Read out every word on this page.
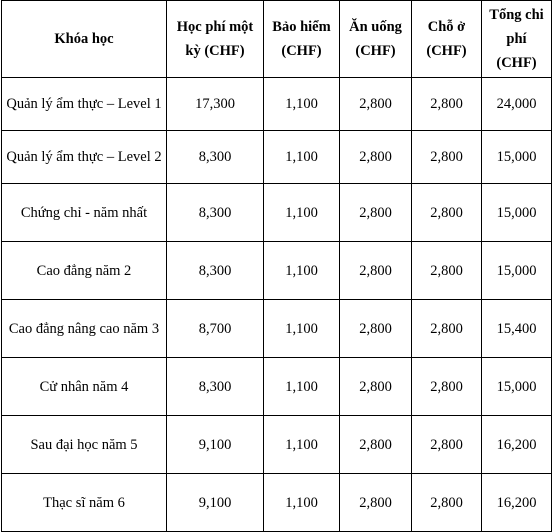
Khóa học	Học phí một kỳ (CHF)	Bảo hiểm (CHF)	Ăn uống (CHF)	Chỗ ở (CHF)	Tổng chi phí (CHF)
Quản lý ẩm thực – Level 1	17,300	1,100	2,800	2,800	24,000
Quản lý ẩm thực – Level 2	8,300	1,100	2,800	2,800	15,000
Chứng chỉ - năm nhất	8,300	1,100	2,800	2,800	15,000
Cao đẳng năm 2	8,300	1,100	2,800	2,800	15,000
Cao đẳng nâng cao năm 3	8,700	1,100	2,800	2,800	15,400
Cử nhân năm 4	8,300	1,100	2,800	2,800	15,000
Sau đại học năm 5	9,100	1,100	2,800	2,800	16,200
Thạc sĩ năm 6	9,100	1,100	2,800	2,800	16,200
